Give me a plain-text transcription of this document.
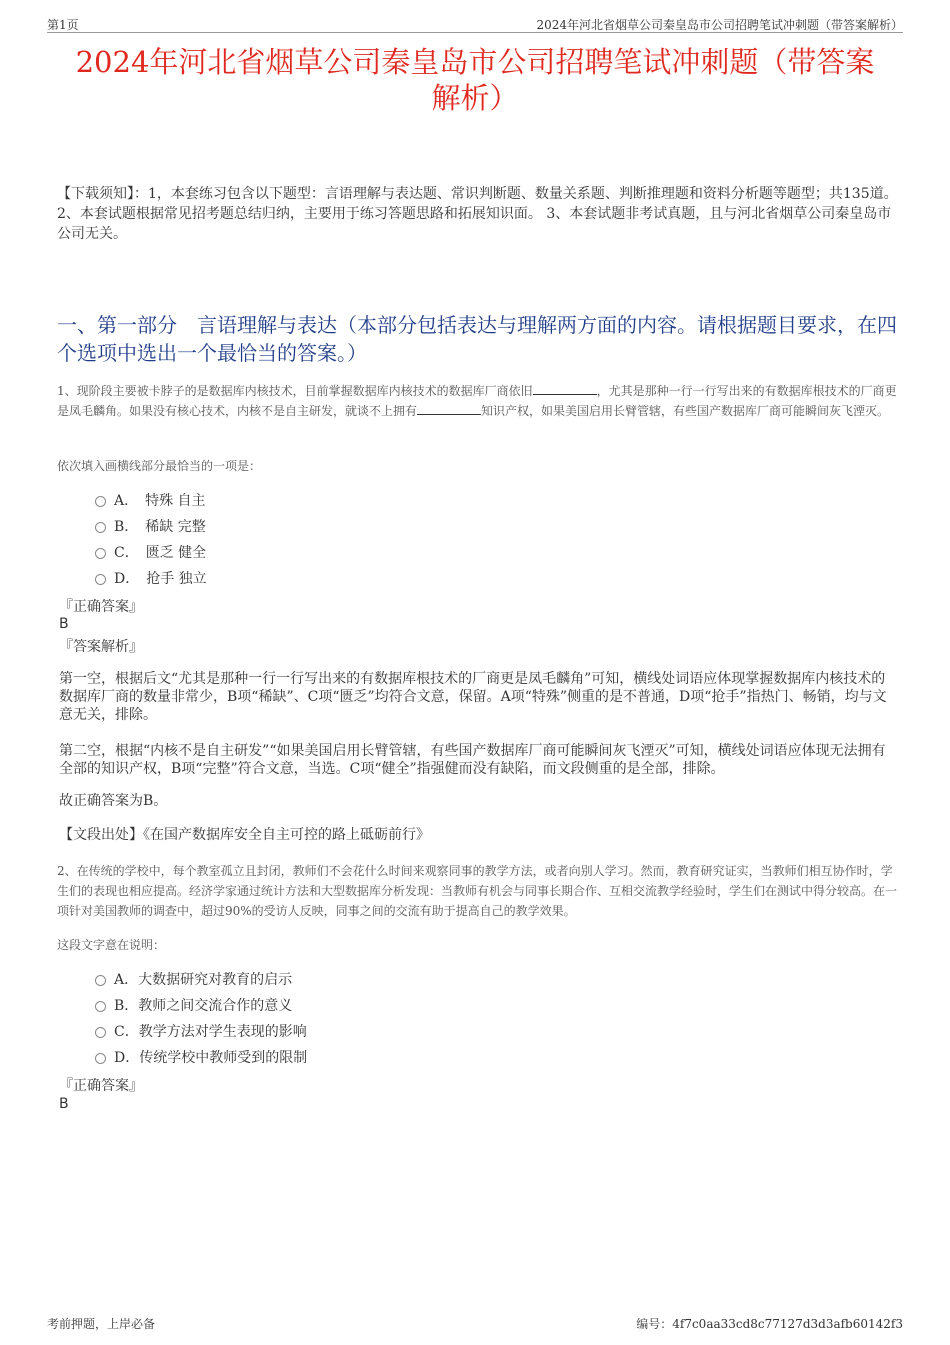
第1页	2024年河北省烟草公司秦皇岛市公司招聘笔试冲刺题（带答案解析）
2024年河北省烟草公司秦皇岛市公司招聘笔试冲刺题（带答案
解析）
【下载须知】：1，本套练习包含以下题型：言语理解与表达题、常识判断题、数量关系题、判断推理题和资料分析题等题型；共135道。 2、本套试题根据常见招考题总结归纳，主要用于练习答题思路和拓展知识面。 3、本套试题非考试真题，且与河北省烟草公司秦皇岛市公司无关。
一、第一部分　言语理解与表达（本部分包括表达与理解两方面的内容。请根据题目要求，在四个选项中选出一个最恰当的答案。）
1、现阶段主要被卡脖子的是数据库内核技术，目前掌握数据库内核技术的数据库厂商依旧	，尤其是那种一行一行写出来的有数据库根技术的厂商更是凤毛麟角。如果没有核心技术，内核不是自主研发，就谈不上拥有	知识产权，如果美国启用长臂管辖，有些国产数据库厂商可能瞬间灰飞湮灭。
依次填入画横线部分最恰当的一项是：
A．　特殊 自主
B．　稀缺 完整
C．　匮乏 健全
D．　抢手 独立
『正确答案』
B
『答案解析』
第一空，根据后文“尤其是那种一行一行写出来的有数据库根技术的厂商更是凤毛麟角”可知，横线处词语应体现掌握数据库内核技术的数据库厂商的数量非常少，B项“稀缺”、C项“匮乏”均符合文意，保留。A项“特殊”侧重的是不普通，D项“抢手”指热门、畅销，均与文意无关，排除。
第二空，根据“内核不是自主研发”“如果美国启用长臂管辖，有些国产数据库厂商可能瞬间灰飞湮灭”可知，横线处词语应体现无法拥有全部的知识产权，B项“完整”符合文意，当选。C项“健全”指强健而没有缺陷，而文段侧重的是全部，排除。
故正确答案为B。
【文段出处】《在国产数据库安全自主可控的路上砥砺前行》
2、在传统的学校中，每个教室孤立且封闭，教师们不会花什么时间来观察同事的教学方法，或者向别人学习。然而，教育研究证实，当教师们相互协作时，学生们的表现也相应提高。经济学家通过统计方法和大型数据库分析发现：当教师有机会与同事长期合作、互相交流教学经验时，学生们在测试中得分较高。在一项针对美国教师的调查中，超过90%的受访人反映，同事之间的交流有助于提高自己的教学效果。
这段文字意在说明：
A．大数据研究对教育的启示
B．教师之间交流合作的意义
C．教学方法对学生表现的影响
D．传统学校中教师受到的限制
『正确答案』
B
考前押题，上岸必备	编号：4f7c0aa33cd8c77127d3d3afb60142f3
